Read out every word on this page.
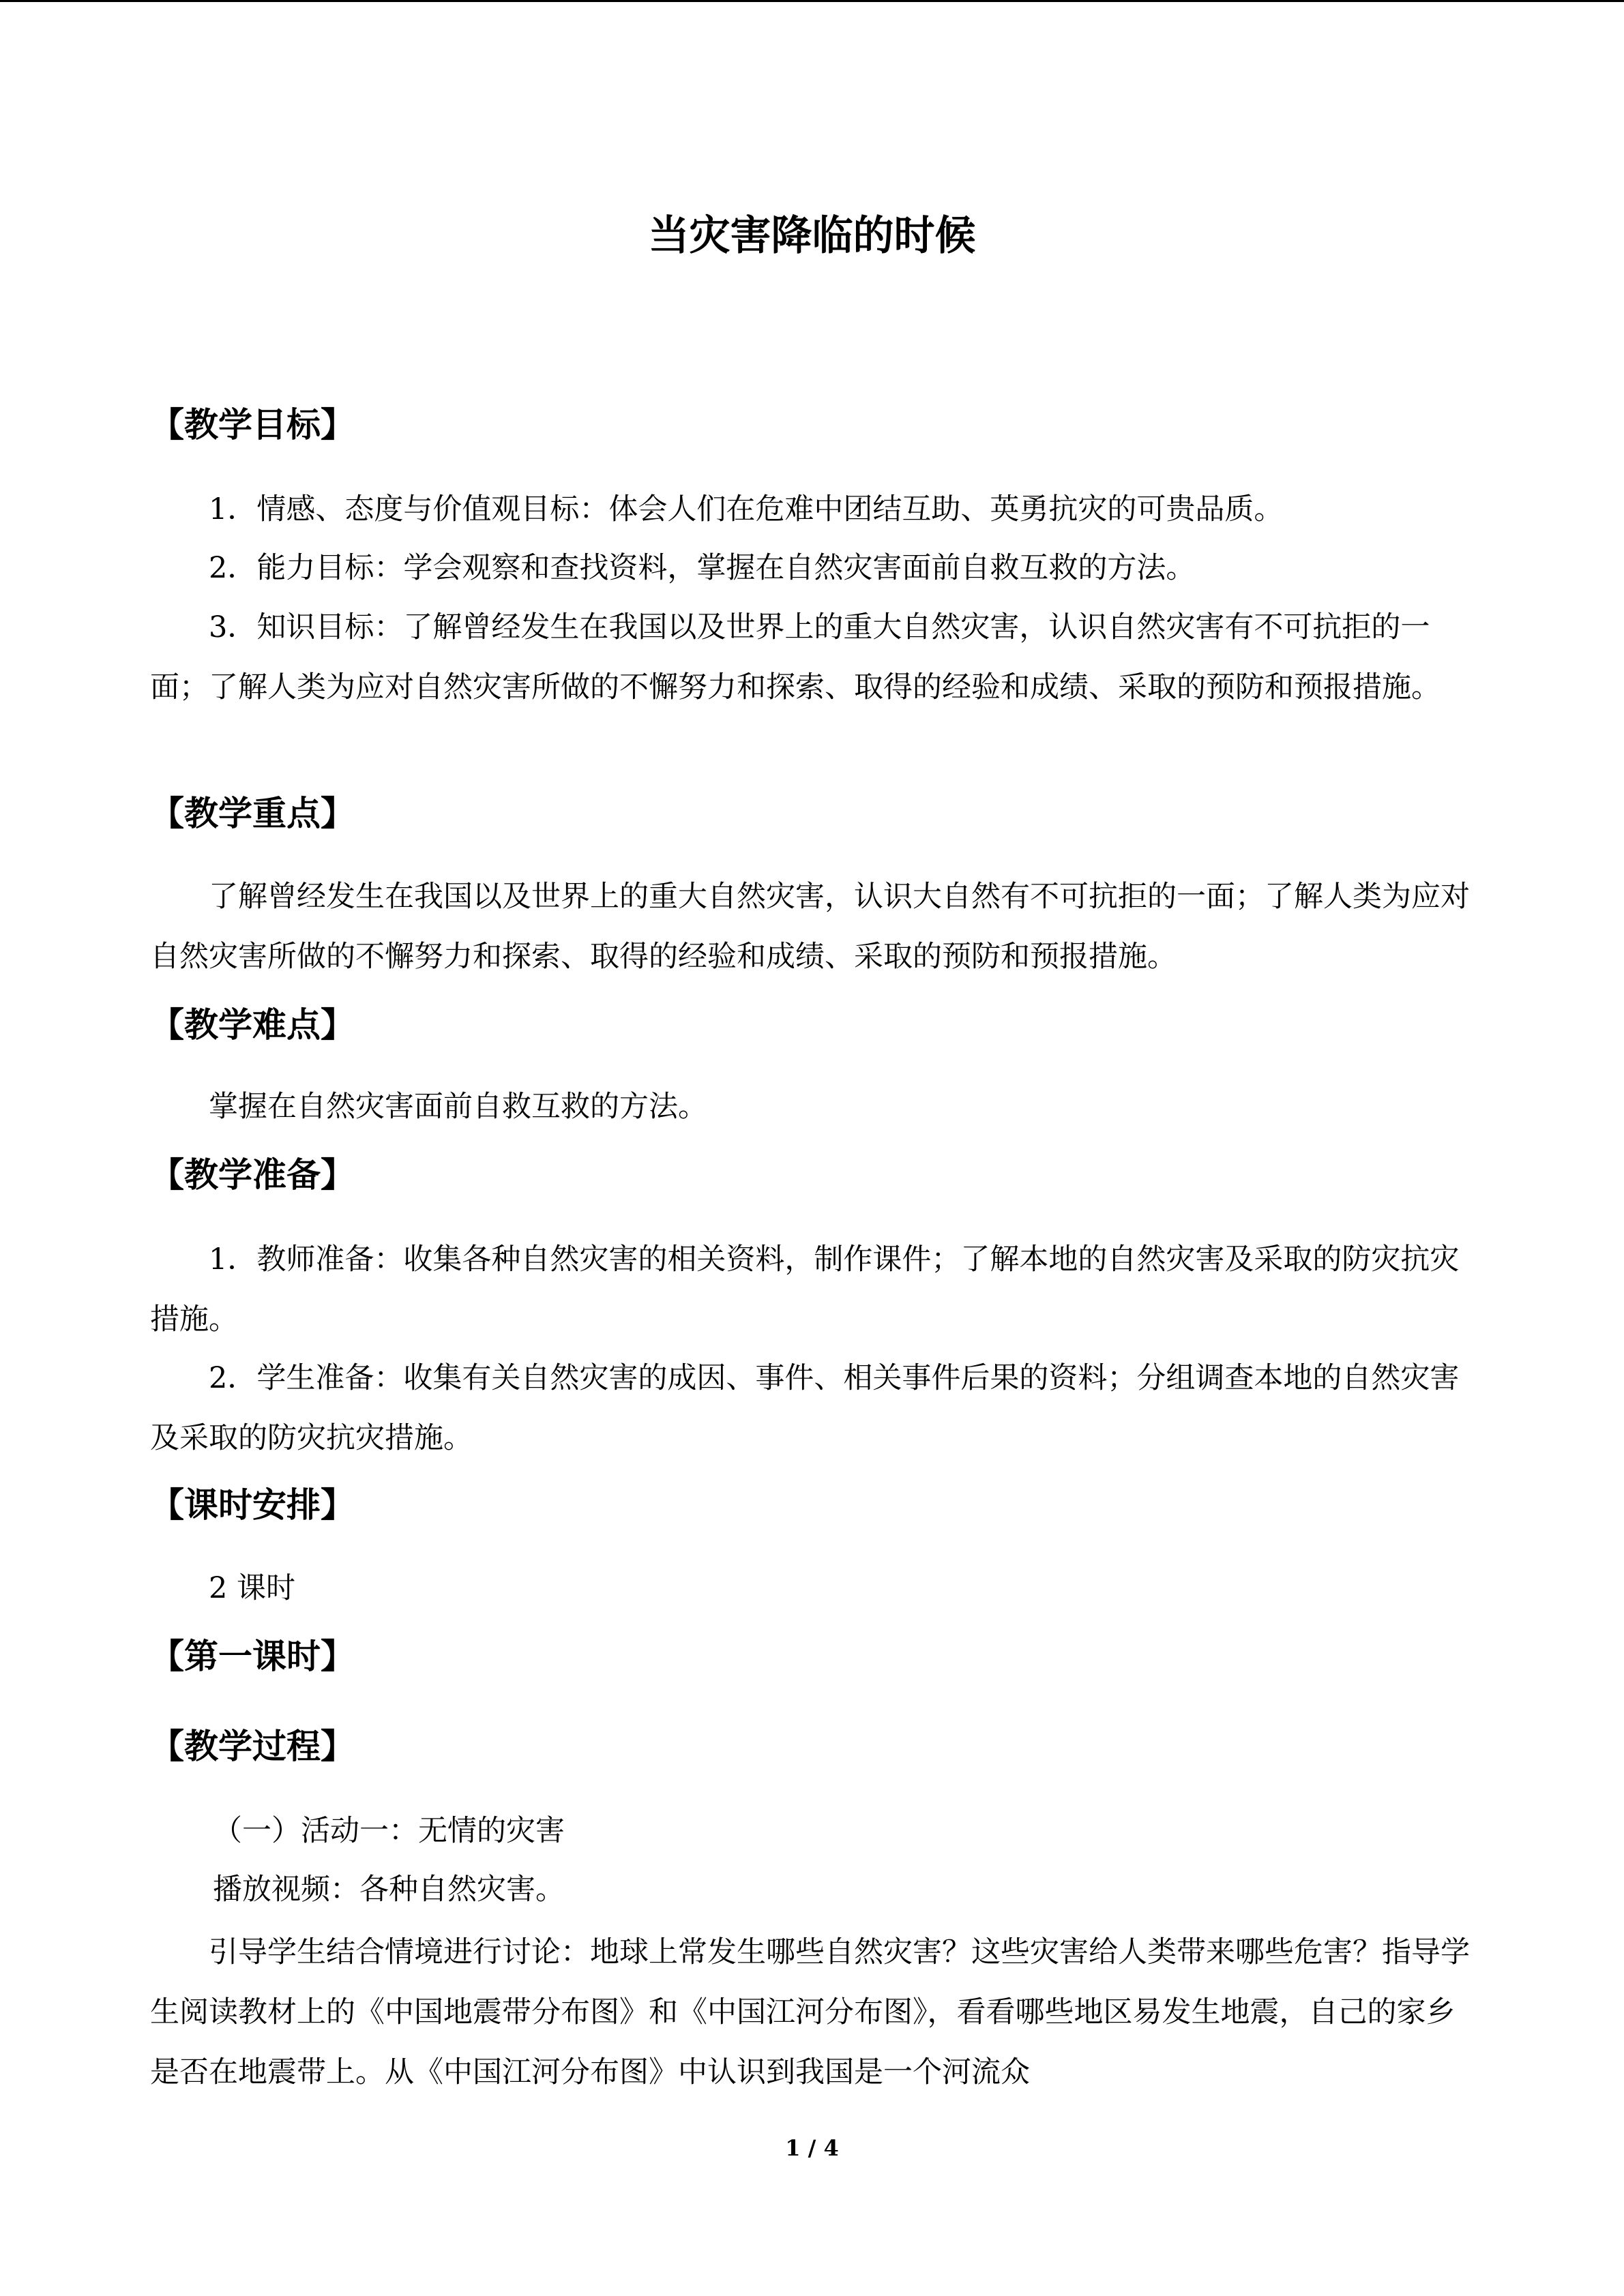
当灾害降临的时候
【教学目标】
1．情感、态度与价值观目标：体会人们在危难中团结互助、英勇抗灾的可贵品质。
2．能力目标：学会观察和查找资料，掌握在自然灾害面前自救互救的方法。
3．知识目标：了解曾经发生在我国以及世界上的重大自然灾害，认识自然灾害有不可抗拒的一面；了解人类为应对自然灾害所做的不懈努力和探索、取得的经验和成绩、采取的预防和预报措施。
【教学重点】
了解曾经发生在我国以及世界上的重大自然灾害，认识大自然有不可抗拒的一面；了解人类为应对自然灾害所做的不懈努力和探索、取得的经验和成绩、采取的预防和预报措施。
【教学难点】
掌握在自然灾害面前自救互救的方法。
【教学准备】
1．教师准备：收集各种自然灾害的相关资料，制作课件；了解本地的自然灾害及采取的防灾抗灾措施。
2．学生准备：收集有关自然灾害的成因、事件、相关事件后果的资料；分组调查本地的自然灾害及采取的防灾抗灾措施。
【课时安排】
2 课时
【第一课时】
【教学过程】
（一）活动一：无情的灾害
播放视频：各种自然灾害。
引导学生结合情境进行讨论：地球上常发生哪些自然灾害？这些灾害给人类带来哪些危害？指导学生阅读教材上的《中国地震带分布图》和《中国江河分布图》，看看哪些地区易发生地震，自己的家乡是否在地震带上。从《中国江河分布图》中认识到我国是一个河流众
1 / 4
